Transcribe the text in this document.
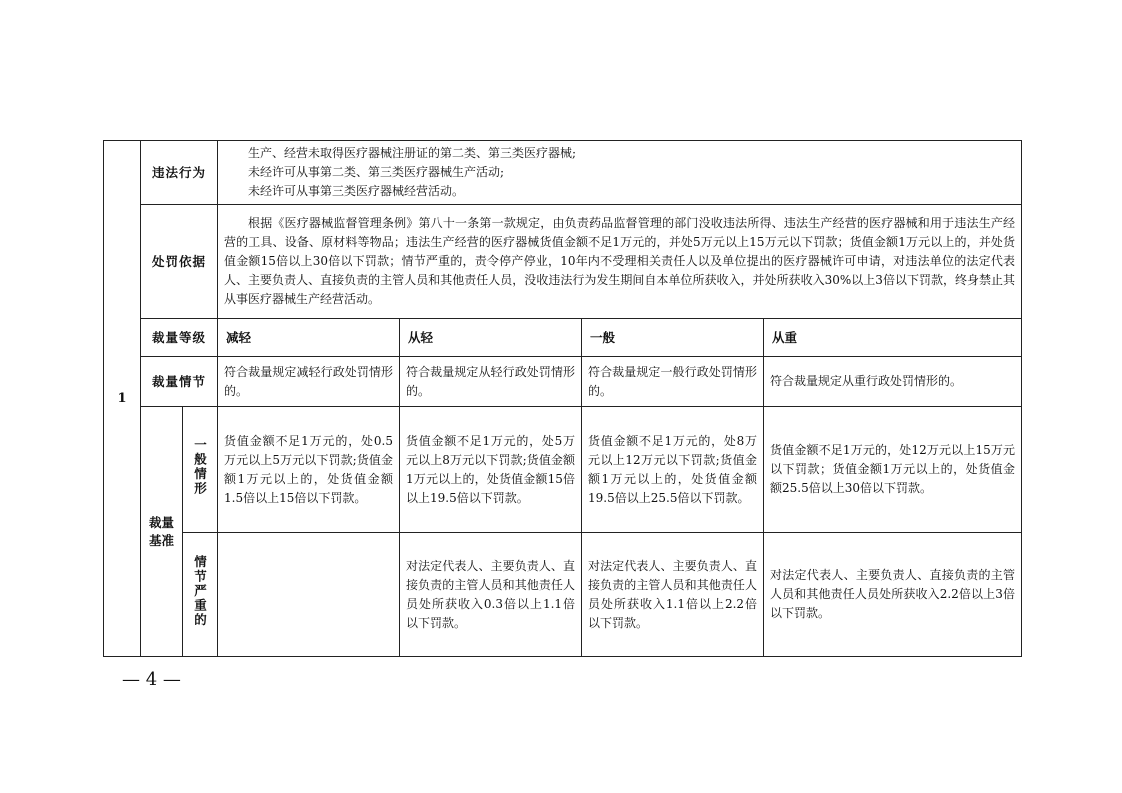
1	违法行为		生产、经营未取得医疗器械注册证的第二类、第三类医疗器械;
未经许可从事第二类、第三类医疗器械生产活动;
未经许可从事第三类医疗器械经营活动。			

	处罚依据		根据《医疗器械监督管理条例》第八十一条第一款规定，由负责药品监督管理的部门没收违法所得、违法生产经营的医疗器械和用于违法生产经营的工具、设备、原材料等物品；违法生产经营的医疗器械货值金额不足1万元的，并处5万元以上15万元以下罚款；货值金额1万元以上的，并处货值金额15倍以上30倍以下罚款；情节严重的，责令停产停业，10年内不受理相关责任人以及单位提出的医疗器械许可申请，对违法单位的法定代表人、主要负责人、直接负责的主管人员和其他责任人员，没收违法行为发生期间自本单位所获收入，并处所获收入30%以上3倍以下罚款，终身禁止其从事医疗器械生产经营活动。			
	裁量等级		减轻	从轻	一般	从重
	裁量情节		符合裁量规定减轻行政处罚情形的。	符合裁量规定从轻行政处罚情形的。	符合裁量规定一般行政处罚情形的。	符合裁量规定从重行政处罚情形的。
	裁量基准	一般情形	货值金额不足1万元的，处0.5万元以上5万元以下罚款;货值金额1万元以上的，处货值金额1.5倍以上15倍以下罚款。	货值金额不足1万元的，处5万元以上8万元以下罚款;货值金额1万元以上的，处货值金额15倍以上19.5倍以下罚款。	货值金额不足1万元的，处8万元以上12万元以下罚款;货值金额1万元以上的，处货值金额19.5倍以上25.5倍以下罚款。	货值金额不足1万元的，处12万元以上15万元以下罚款；货值金额1万元以上的，处货值金额25.5倍以上30倍以下罚款。
		情节严重的		对法定代表人、主要负责人、直接负责的主管人员和其他责任人员处所获收入0.3倍以上1.1倍以下罚款。	对法定代表人、主要负责人、直接负责的主管人员和其他责任人员处所获收入1.1倍以上2.2倍以下罚款。	对法定代表人、主要负责人、直接负责的主管人员和其他责任人员处所获收入2.2倍以上3倍以下罚款。
— 4 —
